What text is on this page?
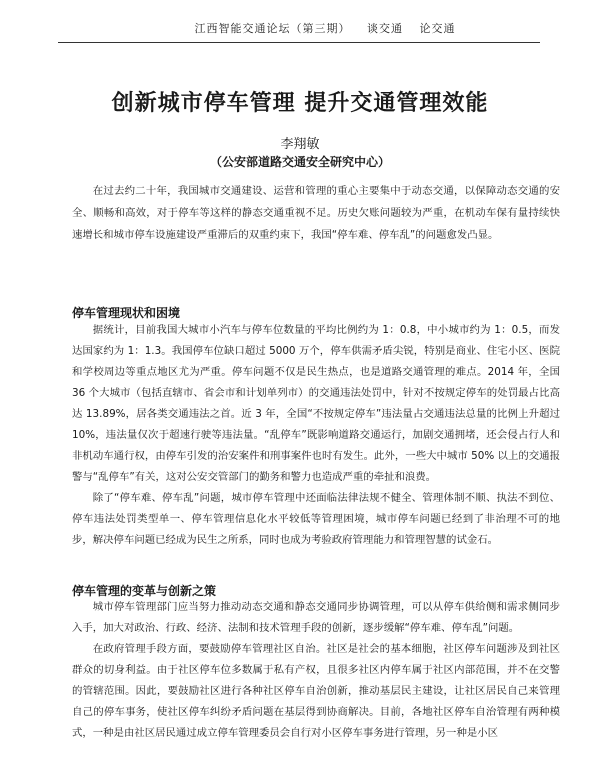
江西智能交通论坛（第三期） 谈交通 论交通
创新城市停车管理 提升交通管理效能
李翔敏
（公安部道路交通安全研究中心）

在过去约二十年，我国城市交通建设、运营和管理的重心主要集中于动态交通，以保障动态交通的安全、顺畅和高效，对于停车等这样的静态交通重视不足。历史欠账问题较为严重，在机动车保有量持续快速增长和城市停车设施建设严重滞后的双重约束下，我国“停车难、停车乱”的问题愈发凸显。

停车管理现状和困境

据统计，目前我国大城市小汽车与停车位数量的平均比例约为 1：0.8，中小城市约为 1：0.5，而发达国家约为 1：1.3。我国停车位缺口超过 5000 万个，停车供需矛盾尖锐，特别是商业、住宅小区、医院和学校周边等重点地区尤为严重。停车问题不仅是民生热点，也是道路交通管理的难点。2014 年，全国 36 个大城市（包括直辖市、省会市和计划单列市）的交通违法处罚中，针对不按规定停车的处罚最占比高达 13.89%，居各类交通违法之首。近 3 年，全国“不按规定停车”违法量占交通违法总量的比例上升超过 10%，违法量仅次于超速行驶等违法量。“乱停车”既影响道路交通运行，加剧交通拥堵，还会侵占行人和非机动车通行权，由停车引发的治安案件和刑事案件也时有发生。此外，一些大中城市 50% 以上的交通报警与“乱停车”有关，这对公安交管部门的勤务和警力也造成严重的牵扯和浪费。

除了“停车难、停车乱”问题，城市停车管理中还面临法律法规不健全、管理体制不顺、执法不到位、停车违法处罚类型单一、停车管理信息化水平较低等管理困境，城市停车问题已经到了非治理不可的地步，解决停车问题已经成为民生之所系，同时也成为考验政府管理能力和管理智慧的试金石。

停车管理的变革与创新之策

城市停车管理部门应当努力推动动态交通和静态交通同步协调管理，可以从停车供给侧和需求侧同步入手，加大对政治、行政、经济、法制和技术管理手段的创新，逐步缓解“停车难、停车乱”问题。

在政府管理手段方面，要鼓励停车管理社区自治。社区是社会的基本细胞，社区停车问题涉及到社区群众的切身利益。由于社区停车位多数属于私有产权，且很多社区内停车属于社区内部范围，并不在交警的管辖范围。因此，要鼓励社区进行各种社区停车自治创新，推动基层民主建设，让社区居民自己来管理自己的停车事务，使社区停车纠纷矛盾问题在基层得到协商解决。目前，各地社区停车自治管理有两种模式，一种是由社区居民通过成立停车管理委员会自行对小区停车事务进行管理，另一种是小区
